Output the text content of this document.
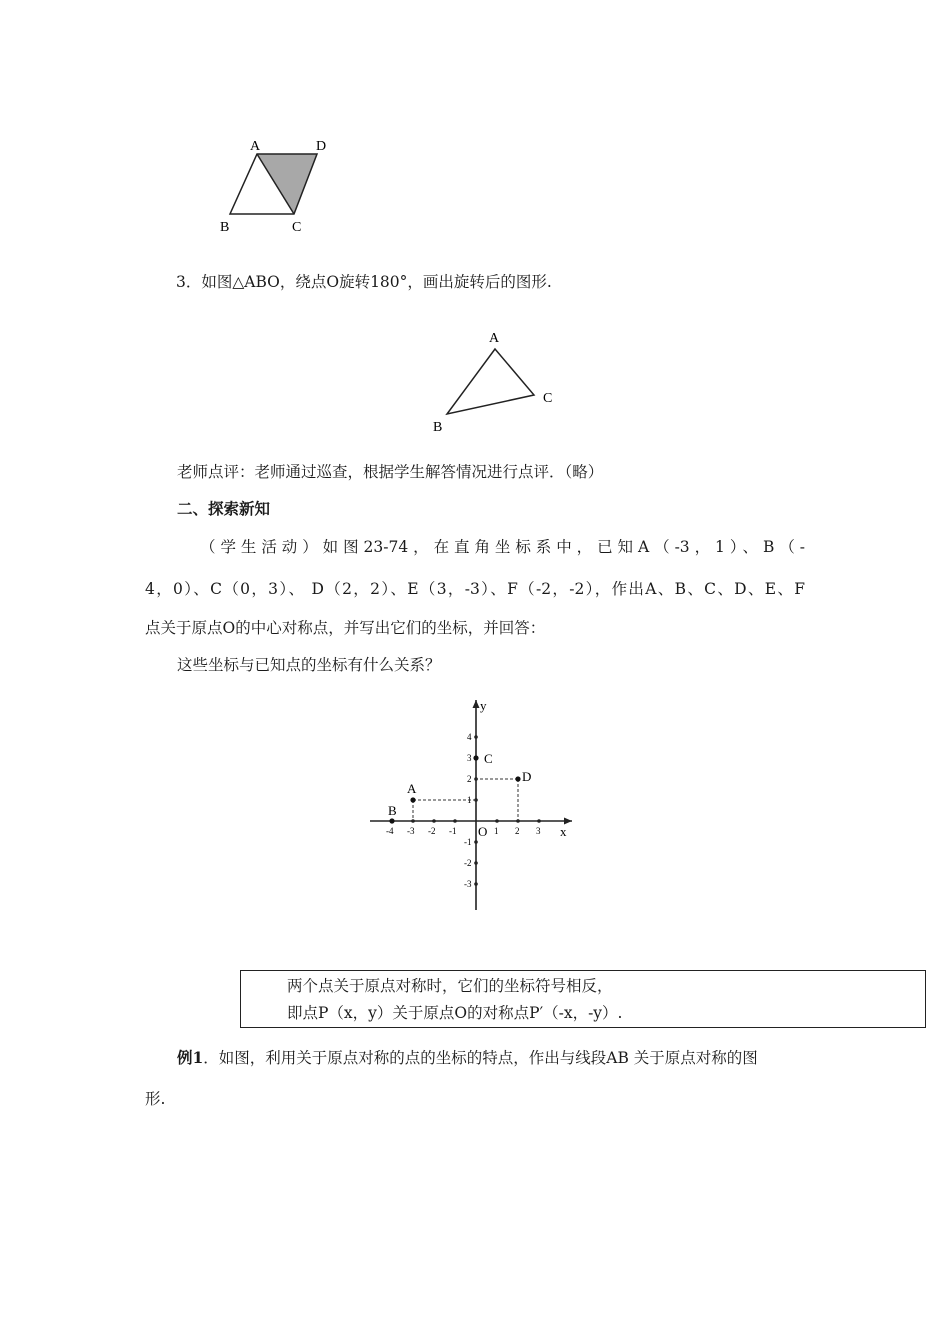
A	D
B	C
3．如图△ABO，绕点O旋转180°，画出旋转后的图形.
A
C
B
老师点评：老师通过巡查，根据学生解答情况进行点评．（略）
二、探索新知
（学生活动）如图23-74，在直角坐标系中，已知A（-3，1）、B（-
4，0）、C（0，3）、 D（2，2）、E（3，-3）、F（-2，-2），作出A、B、C、D、E、F
点关于原点O的中心对称点，并写出它们的坐标，并回答：
这些坐标与已知点的坐标有什么关系？
x
y
O
-4 -3 -2 -1	1 2 3
4
3
2
1
-1
-2
-3
A
B
C
D
两个点关于原点对称时，它们的坐标符号相反，
即点P（x，y）关于原点O的对称点P′（-x，-y）.
例1．如图，利用关于原点对称的点的坐标的特点，作出与线段AB 关于原点对称的图
形.
